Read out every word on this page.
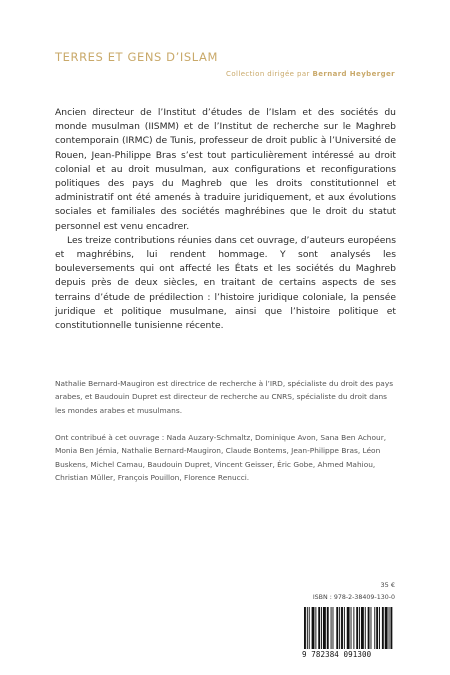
TERRES ET GENS D’ISLAM
Collection dirigée par Bernard Heyberger

Ancien directeur de l’Institut d’études de l’Islam et des sociétés du monde musulman (IISMM) et de l’Institut de recherche sur le Maghreb contemporain (IRMC) de Tunis, professeur de droit public à l’Université de Rouen, Jean-Philippe Bras s’est tout particulièrement intéressé au droit colonial et au droit musulman, aux configurations et reconfigurations politiques des pays du Maghreb que les droits constitutionnel et administratif ont été amenés à traduire juridiquement, et aux évolutions sociales et familiales des sociétés maghrébines que le droit du statut personnel est venu encadrer.

Les treize contributions réunies dans cet ouvrage, d’auteurs européens et maghrébins, lui rendent hommage. Y sont analysés les bouleversements qui ont affecté les États et les sociétés du Maghreb depuis près de deux siècles, en traitant de certains aspects de ses terrains d’étude de prédilection : l’histoire juridique coloniale, la pensée juridique et politique musulmane, ainsi que l’histoire politique et constitutionnelle tunisienne récente.

Nathalie Bernard-Maugiron est directrice de recherche à l’IRD, spécialiste du droit des pays arabes, et Baudouin Dupret est directeur de recherche au CNRS, spécialiste du droit dans les mondes arabes et musulmans.

Ont contribué à cet ouvrage : Nada Auzary-Schmaltz, Dominique Avon, Sana Ben Achour, Monia Ben Jémia, Nathalie Bernard-Maugiron, Claude Bontems, Jean-Philippe Bras, Léon Buskens, Michel Camau, Baudouin Dupret, Vincent Geisser, Éric Gobe, Ahmed Mahiou, Christian Müller, François Pouillon, Florence Renucci.

35 €
ISBN : 978-2-38409-130-0
9 782384 091300
